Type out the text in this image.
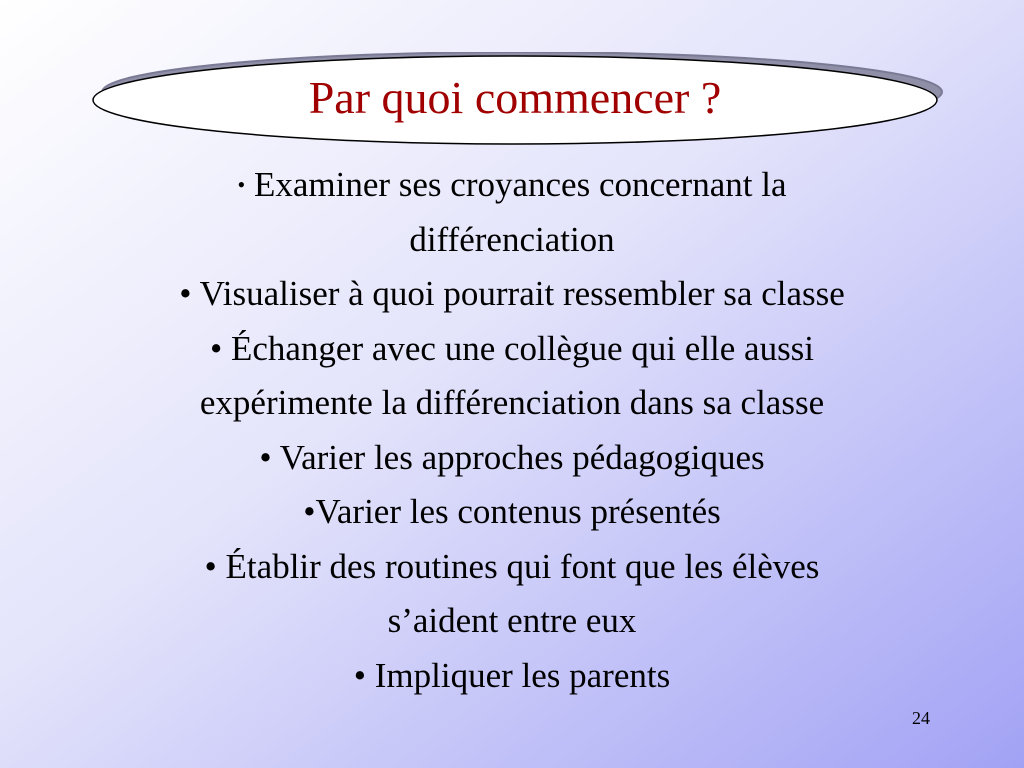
Par quoi commencer ?
• Examiner ses croyances concernant la
différenciation
• Visualiser à quoi pourrait ressembler sa classe
• Échanger avec une collègue qui elle aussi
expérimente la différenciation dans sa classe
• Varier les approches pédagogiques
•Varier les contenus présentés
• Établir des routines qui font que les élèves
s’aident entre eux
• Impliquer les parents
24
